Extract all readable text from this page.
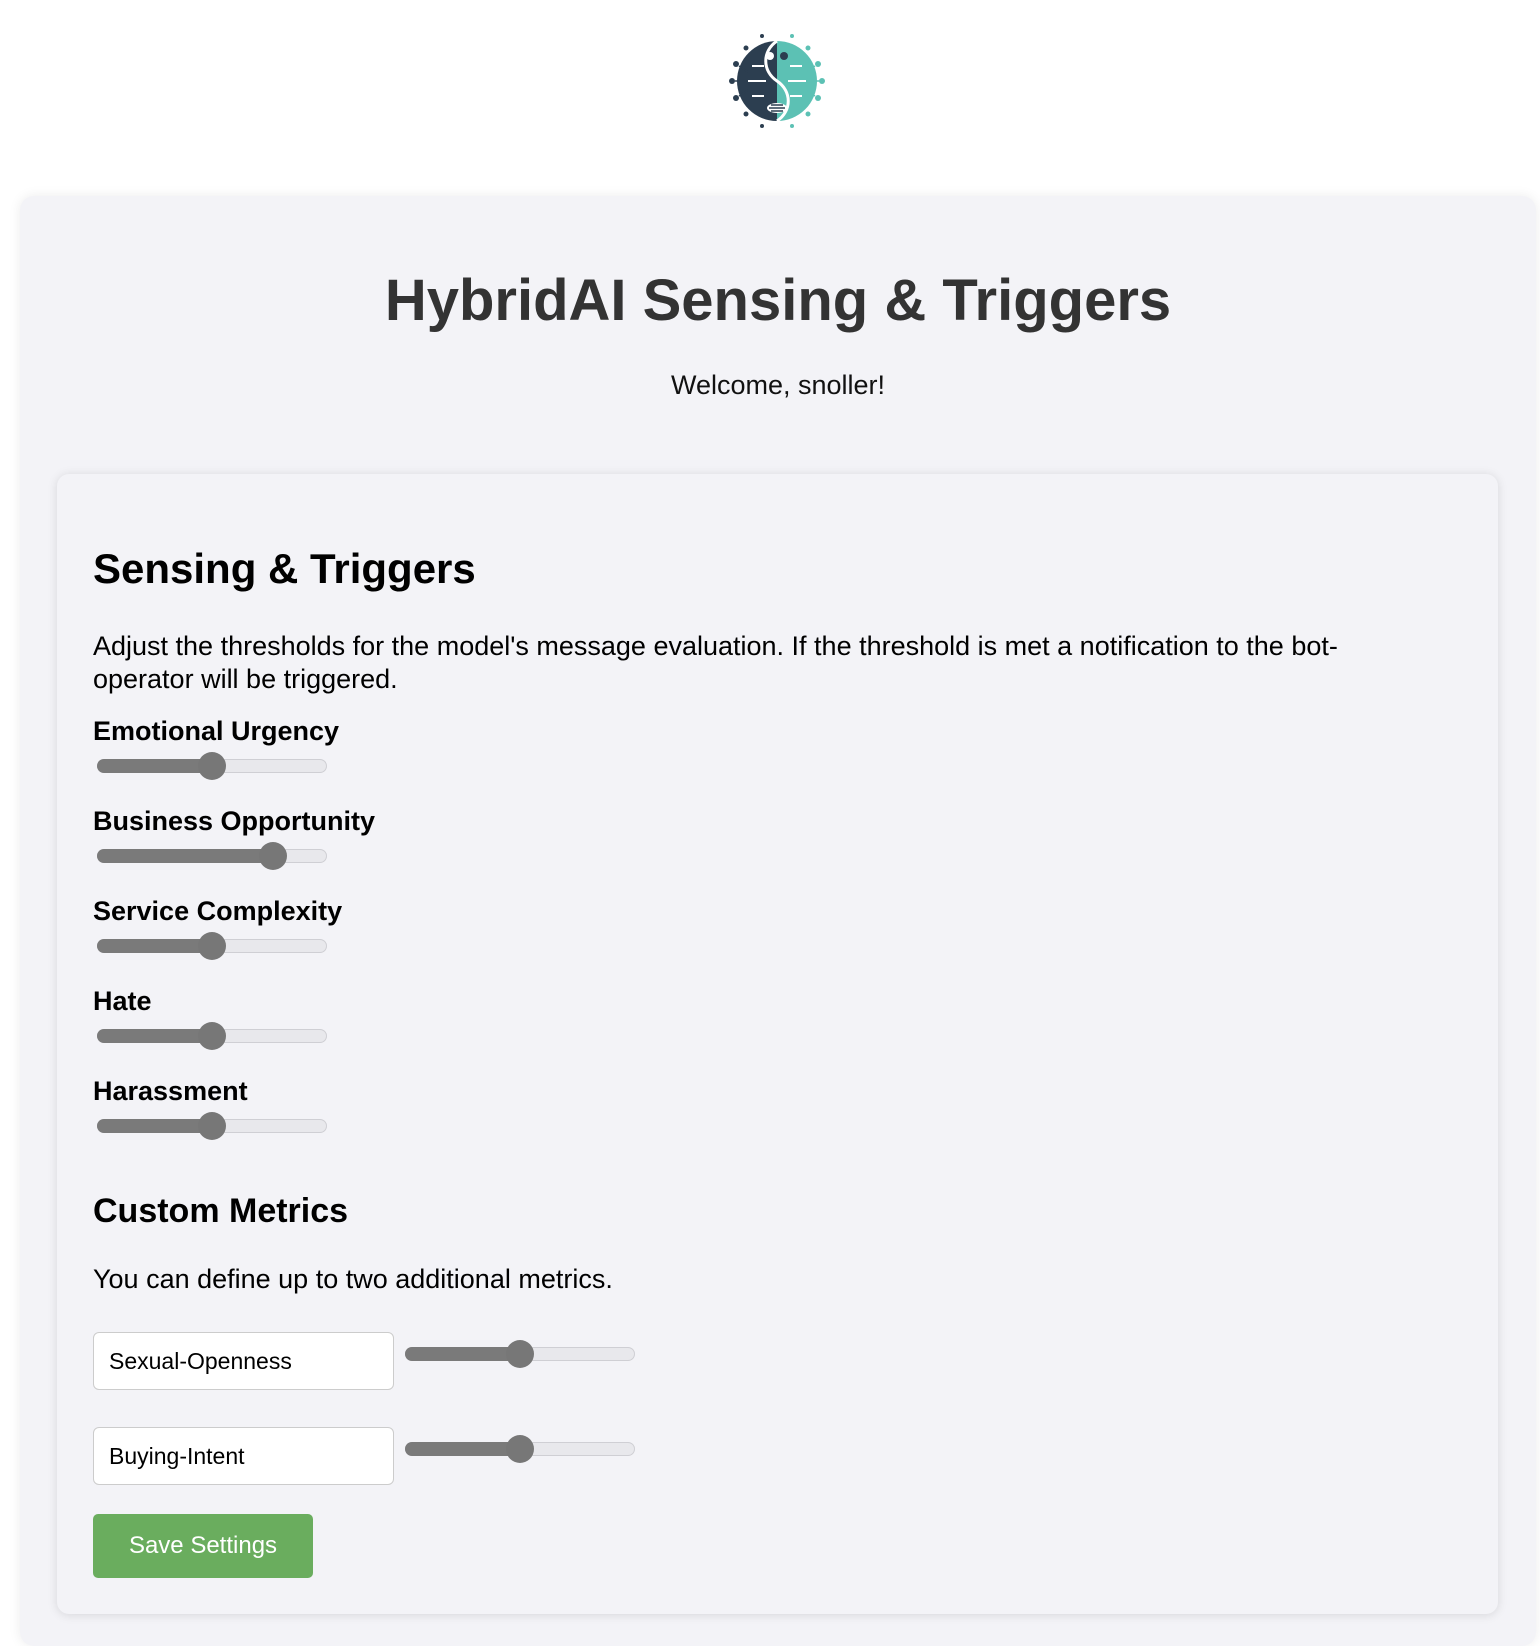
HybridAI Sensing & Triggers

Welcome, snoller!

Sensing & Triggers

Adjust the thresholds for the model's message evaluation. If the threshold is met a notification to the bot-operator will be triggered.

Emotional Urgency
Business Opportunity
Service Complexity
Hate
Harassment
Custom Metrics

You can define up to two additional metrics.

Sexual-Openness
Buying-Intent
Save Settings
